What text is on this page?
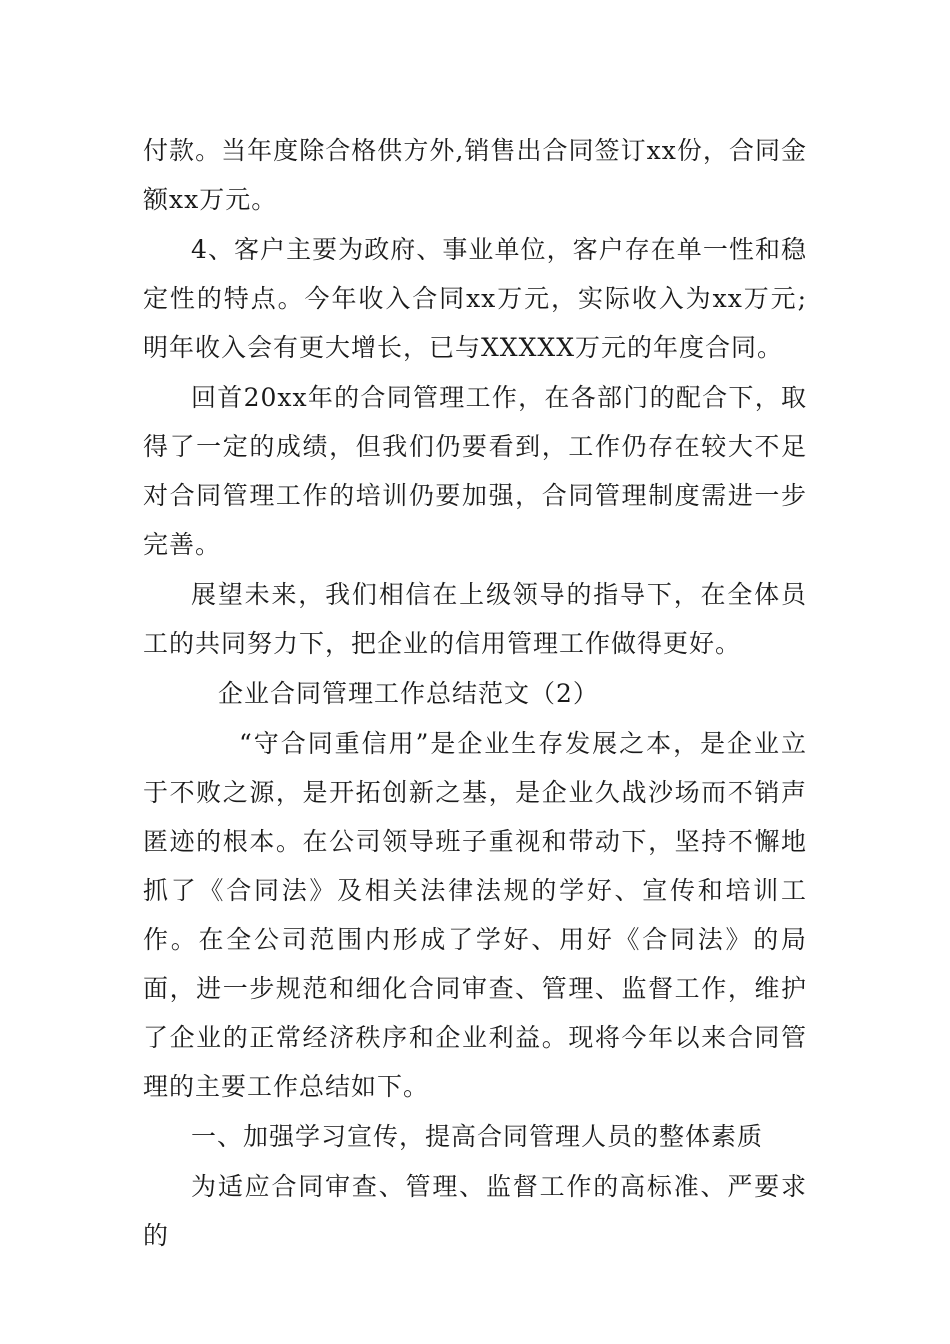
付款。当年度除合格供方外,销售出合同签订xx份，合同金额xx万元。

4、客户主要为政府、事业单位，客户存在单一性和稳定性的特点。今年收入合同xx万元，实际收入为xx万元;明年收入会有更大增长，已与XXXXX万元的年度合同。

回首20xx年的合同管理工作，在各部门的配合下，取得了一定的成绩，但我们仍要看到，工作仍存在较大不足对合同管理工作的培训仍要加强，合同管理制度需进一步完善。

展望未来，我们相信在上级领导的指导下，在全体员工的共同努力下，把企业的信用管理工作做得更好。

企业合同管理工作总结范文（2）

“守合同重信用”是企业生存发展之本，是企业立于不败之源，是开拓创新之基，是企业久战沙场而不销声匿迹的根本。在公司领导班子重视和带动下，坚持不懈地抓了《合同法》及相关法律法规的学好、宣传和培训工作。在全公司范围内形成了学好、用好《合同法》的局面，进一步规范和细化合同审查、管理、监督工作，维护了企业的正常经济秩序和企业利益。现将今年以来合同管理的主要工作总结如下。

一、加强学习宣传，提高合同管理人员的整体素质

为适应合同审查、管理、监督工作的高标准、严要求的
